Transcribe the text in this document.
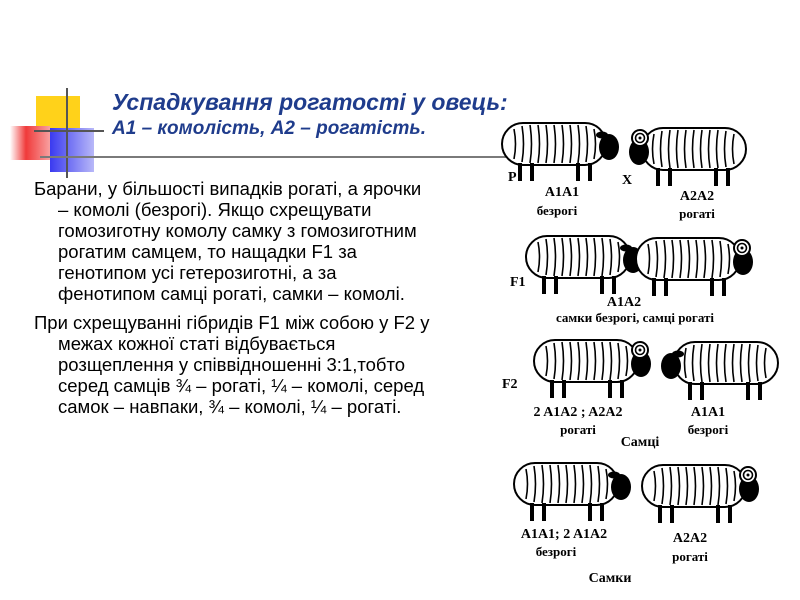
Успадкування рогатості у овець:
А1 – комолість, А2 – рогатість.

Барани, у більшості випадків рогаті, а ярочки – комолі (безрогі). Якщо схрещувати гомозиготну комолу самку з гомозиготним рогатим самцем, то нащадки F1 за генотипом усі гетерозиготні, а за фенотипом самці рогаті, самки – комолі.

При схрещуванні гібридів F1 між собою у F2 у межах кожної статі відбувається розщеплення у співвідношенні 3:1,тобто серед самців ¾ – рогаті, ¼ – комолі, серед самок – навпаки, ¾ – комолі, ¼ – рогаті.

P	X
A1A1
безрогі
A2A2
рогаті
F1
A1A2
самки безрогі, самці рогаті
F2
2 A1A2 ; A2A2
рогаті
A1A1
безрогі
Самці
A1A1; 2 A1A2
безрогі
A2A2
рогаті
Самки
